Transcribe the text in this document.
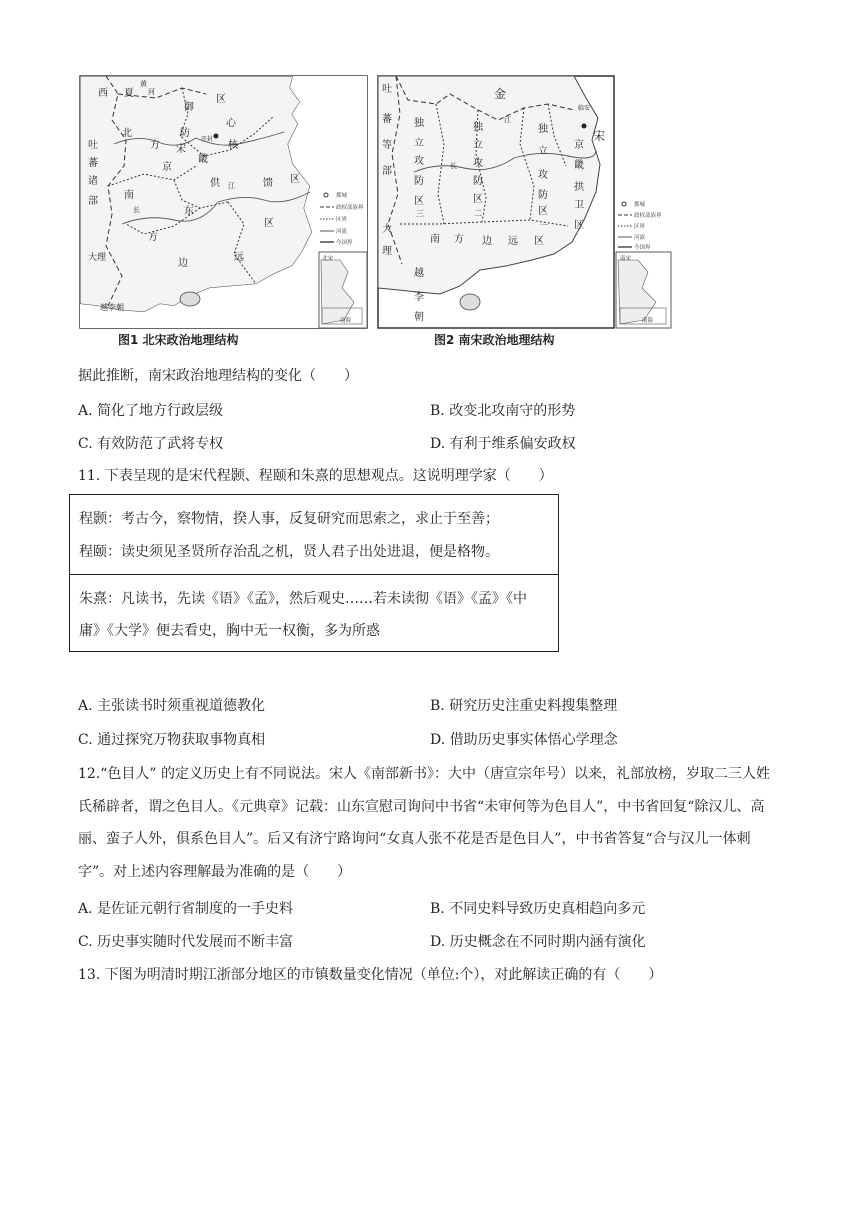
西 夏
黄
河
区
御
北
方
防
心
宋
开封
核
畿
京
吐
蕃
诸
部
南
供	馈 区
东
江
长
方
区
边
远
大理
越李朝
都城
政权部族界
区界
河流
今国界
北宋
南海
吐
蕃
等
部
金
独
立
攻
防
区
三
独
立
攻
防
区
二
独
立
攻
防
区
一
江
长
临安
宋
京
畿
拱
卫
区
南 方 边 远 区
大
理
越
李
朝
都城
政权部族界
区界
河流
今国界
南宋
南海
图1 北宋政治地理结构	图2 南宋政治地理结构
据此推断，南宋政治地理结构的变化（　　）
A. 简化了地方行政层级	B. 改变北攻南守的形势
C. 有效防范了武将专权	D. 有利于维系偏安政权
11. 下表呈现的是宋代程颢、程颐和朱熹的思想观点。这说明理学家（　　）
程颢：考古今，察物情，揆人事，反复研究而思索之，求止于至善；
程颐：读史须见圣贤所存治乱之机，贤人君子出处进退，便是格物。
朱熹：凡读书，先读《语》《孟》，然后观史……若未读彻《语》《孟》《中
庸》《大学》便去看史，胸中无一权衡，多为所惑
A. 主张读书时须重视道德教化	B. 研究历史注重史料搜集整理
C. 通过探究万物获取事物真相	D. 借助历史事实体悟心学理念
12.“色目人” 的定义历史上有不同说法。宋人《南部新书》：大中（唐宣宗年号）以来，礼部放榜，岁取二三人姓氏稀辟者，谓之色目人。《元典章》记载：山东宣慰司询问中书省“未审何等为色目人”，中书省回复“除汉儿、高丽、蛮子人外，俱系色目人”。后又有济宁路询问“女真人张不花是否是色目人”，中书省答复“合与汉儿一体刺字”。对上述内容理解最为准确的是（　　）
A. 是佐证元朝行省制度的一手史料	B. 不同史料导致历史真相趋向多元
C. 历史事实随时代发展而不断丰富	D. 历史概念在不同时期内涵有演化
13. 下图为明清时期江浙部分地区的市镇数量变化情况（单位:个），对此解读正确的有（　　）
